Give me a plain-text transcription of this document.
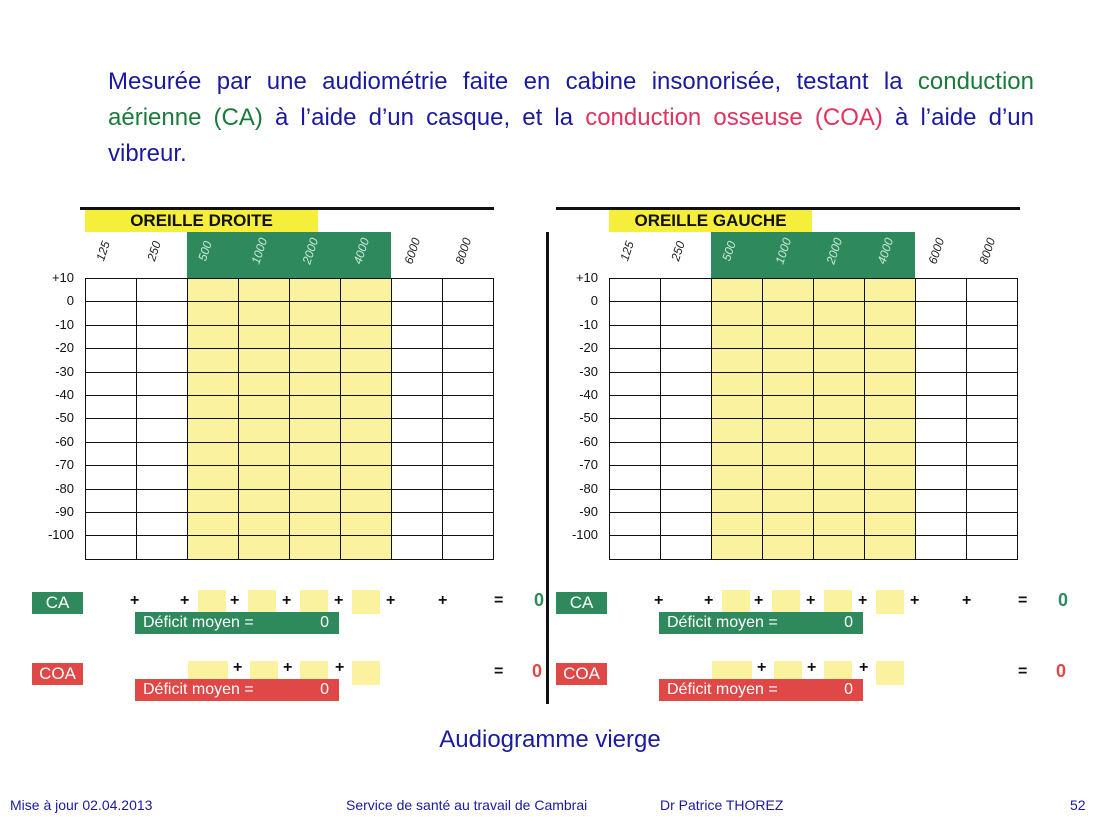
Mesurée par une audiométrie faite en cabine insonorisée, testant la conduction aérienne (CA) à l’aide d’un casque, et la conduction osseuse (COA) à l’aide d’un vibreur.

OREILLE DROITE
125	250	500	1000 2000 4000 6000 8000
+10
0
-10
-20
-30
-40
-50
-60
-70
-80
-90
-100
CA	+	+	+	+	+	+	+	= 0
Déficit moyen =	0
COA	+	+	+	= 0
Déficit moyen =	0
OREILLE GAUCHE
125	250	500	1000 2000 4000 6000 8000
+10
0
-10
-20
-30
-40
-50
-60
-70
-80
-90
-100
CA	+	+	+	+	+	+	+	= 0
Déficit moyen =	0
COA	+	+	+	= 0
Déficit moyen =	0
Audiogramme vierge
Mise à jour 02.04.2013	Service de santé au travail de Cambrai	Dr Patrice THOREZ	52
